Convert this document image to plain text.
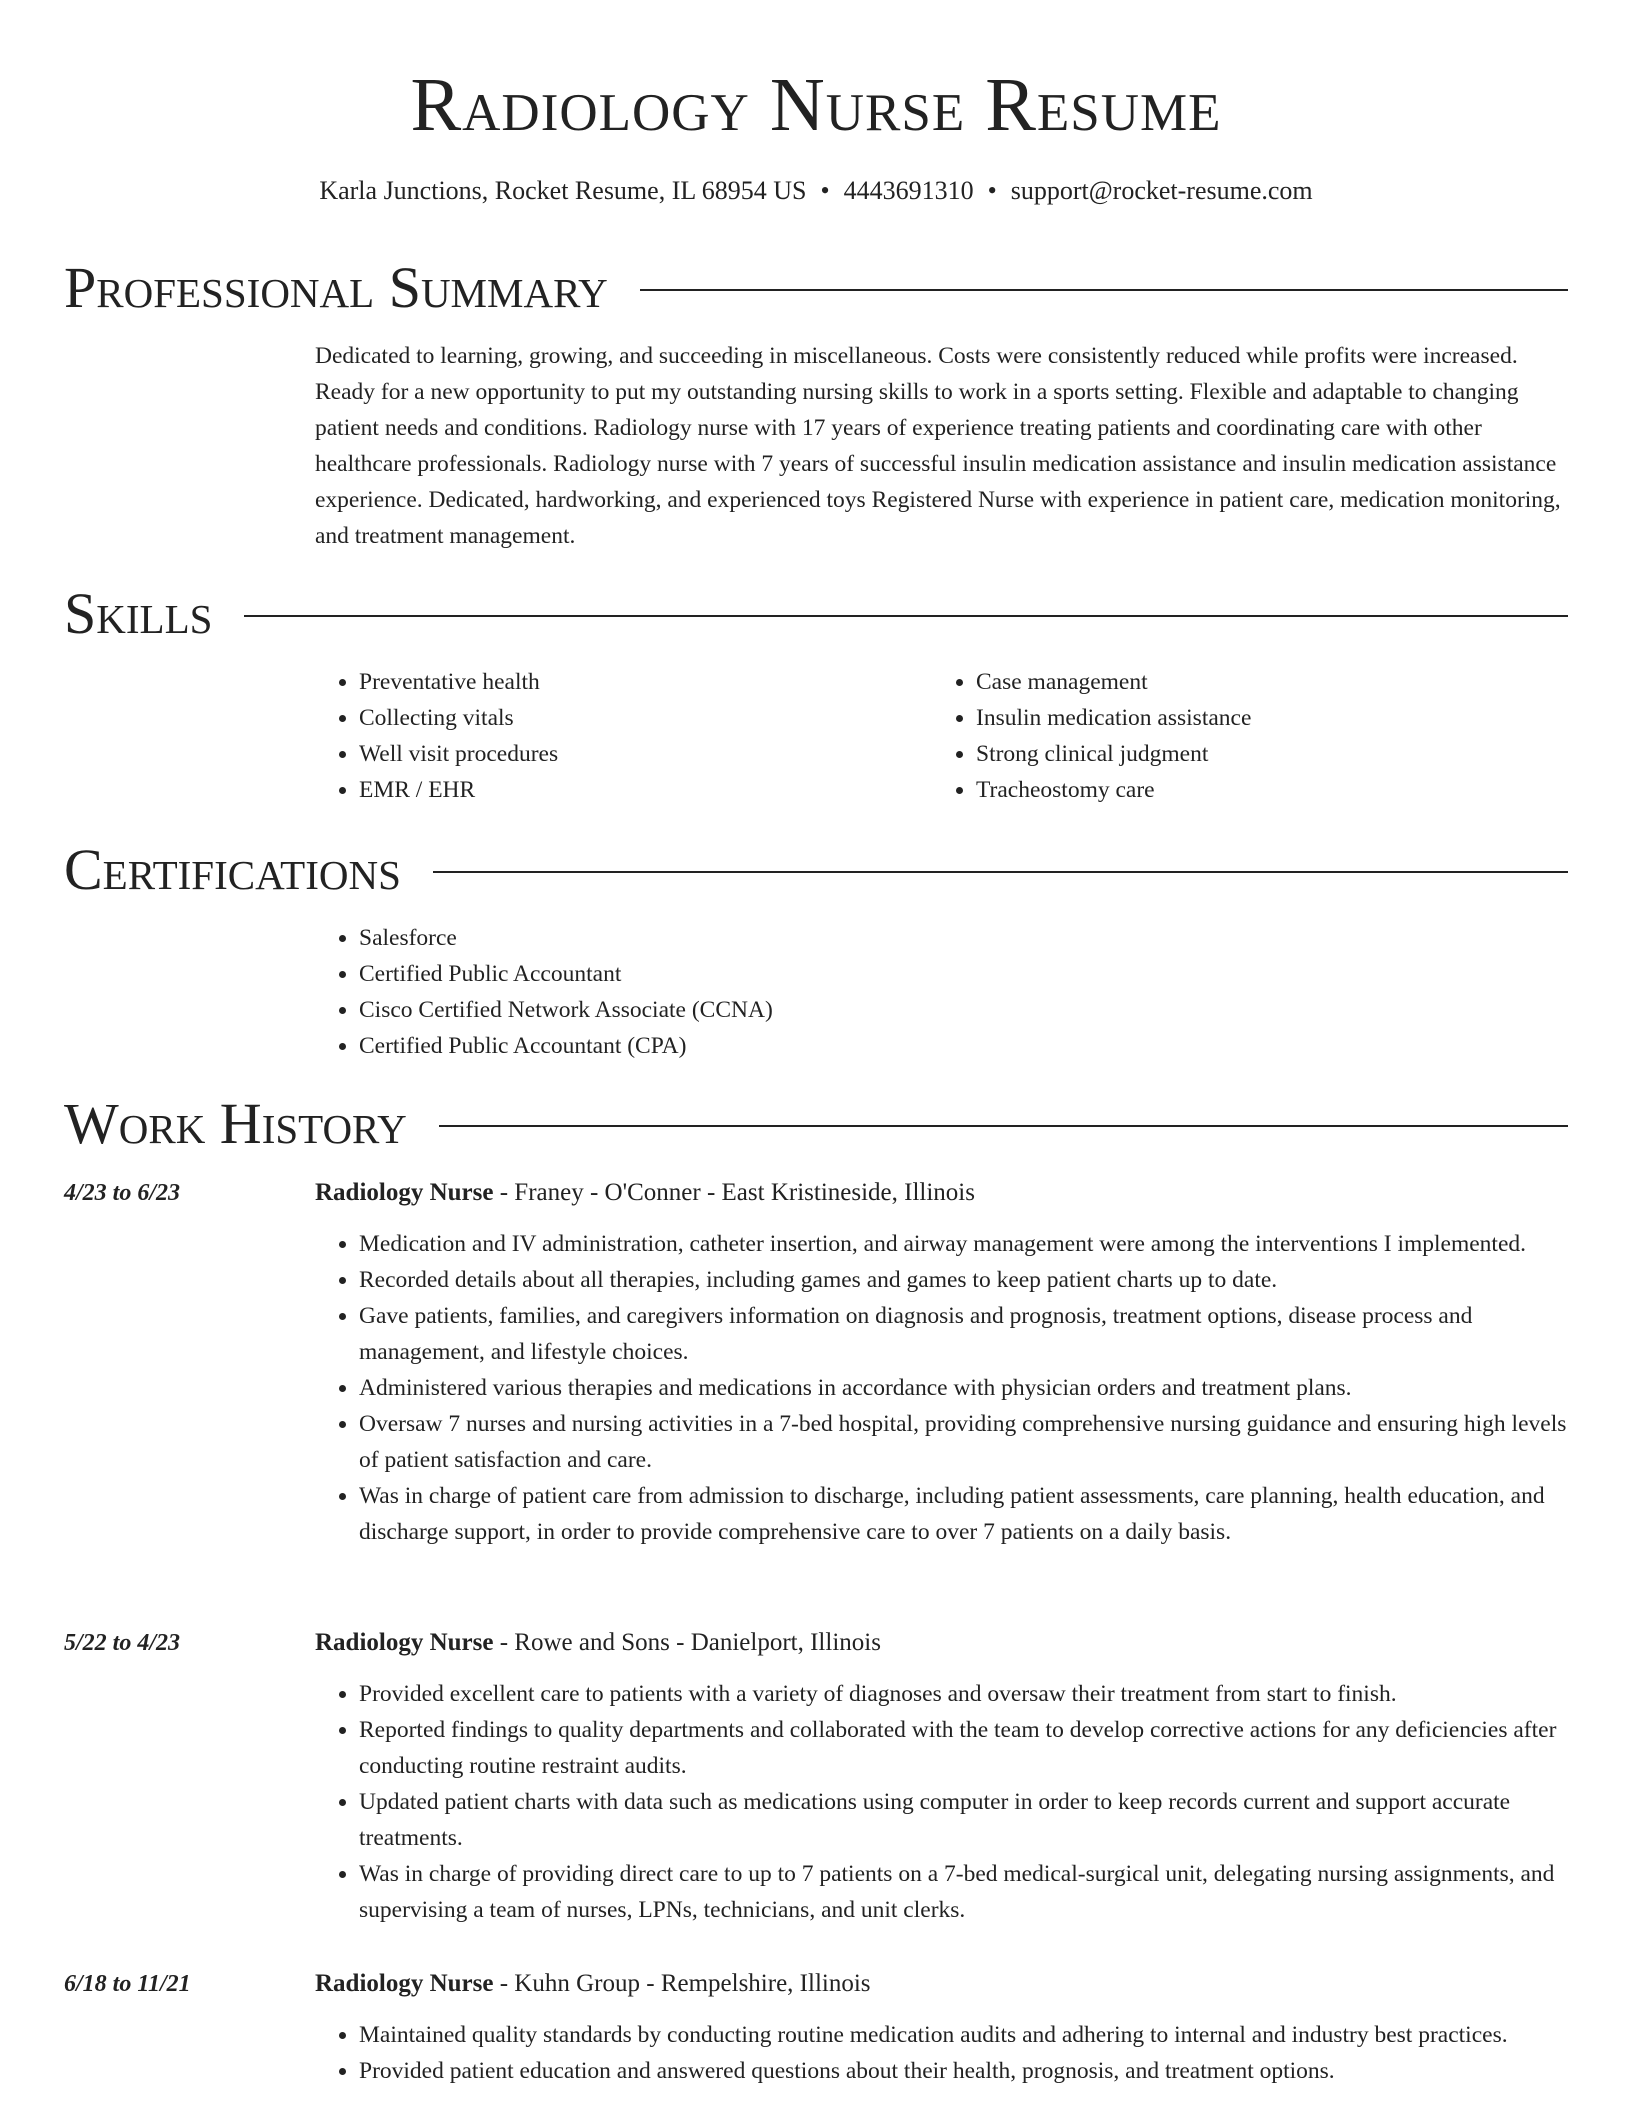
Radiology Nurse Resume
Karla Junctions, Rocket Resume, IL 68954 US • 4443691310 • support@rocket-resume.com
Professional Summary

Dedicated to learning, growing, and succeeding in miscellaneous. Costs were consistently reduced while profits were increased. Ready for a new opportunity to put my outstanding nursing skills to work in a sports setting. Flexible and adaptable to changing patient needs and conditions. Radiology nurse with 17 years of experience treating patients and coordinating care with other healthcare professionals. Radiology nurse with 7 years of successful insulin medication assistance and insulin medication assistance experience. Dedicated, hardworking, and experienced toys Registered Nurse with experience in patient care, medication monitoring, and treatment management.

Skills
• Preventative health
• Collecting vitals
• Well visit procedures
• EMR / EHR
• Case management
• Insulin medication assistance
• Strong clinical judgment
• Tracheostomy care
Certifications
• Salesforce
• Certified Public Accountant
• Cisco Certified Network Associate (CCNA)
• Certified Public Accountant (CPA)
Work History
4/23 to 6/23	Radiology Nurse - Franey - O'Conner - East Kristineside, Illinois
• Medication and IV administration, catheter insertion, and airway management were among the interventions I implemented.
• Recorded details about all therapies, including games and games to keep patient charts up to date.
• Gave patients, families, and caregivers information on diagnosis and prognosis, treatment options, disease process and management, and lifestyle choices.
• Administered various therapies and medications in accordance with physician orders and treatment plans.
• Oversaw 7 nurses and nursing activities in a 7-bed hospital, providing comprehensive nursing guidance and ensuring high levels of patient satisfaction and care.
• Was in charge of patient care from admission to discharge, including patient assessments, care planning, health education, and discharge support, in order to provide comprehensive care to over 7 patients on a daily basis.
5/22 to 4/23	Radiology Nurse - Rowe and Sons - Danielport, Illinois
• Provided excellent care to patients with a variety of diagnoses and oversaw their treatment from start to finish.
• Reported findings to quality departments and collaborated with the team to develop corrective actions for any deficiencies after conducting routine restraint audits.
• Updated patient charts with data such as medications using computer in order to keep records current and support accurate treatments.
• Was in charge of providing direct care to up to 7 patients on a 7-bed medical-surgical unit, delegating nursing assignments, and supervising a team of nurses, LPNs, technicians, and unit clerks.
6/18 to 11/21	Radiology Nurse - Kuhn Group - Rempelshire, Illinois
• Maintained quality standards by conducting routine medication audits and adhering to internal and industry best practices.
• Provided patient education and answered questions about their health, prognosis, and treatment options.
